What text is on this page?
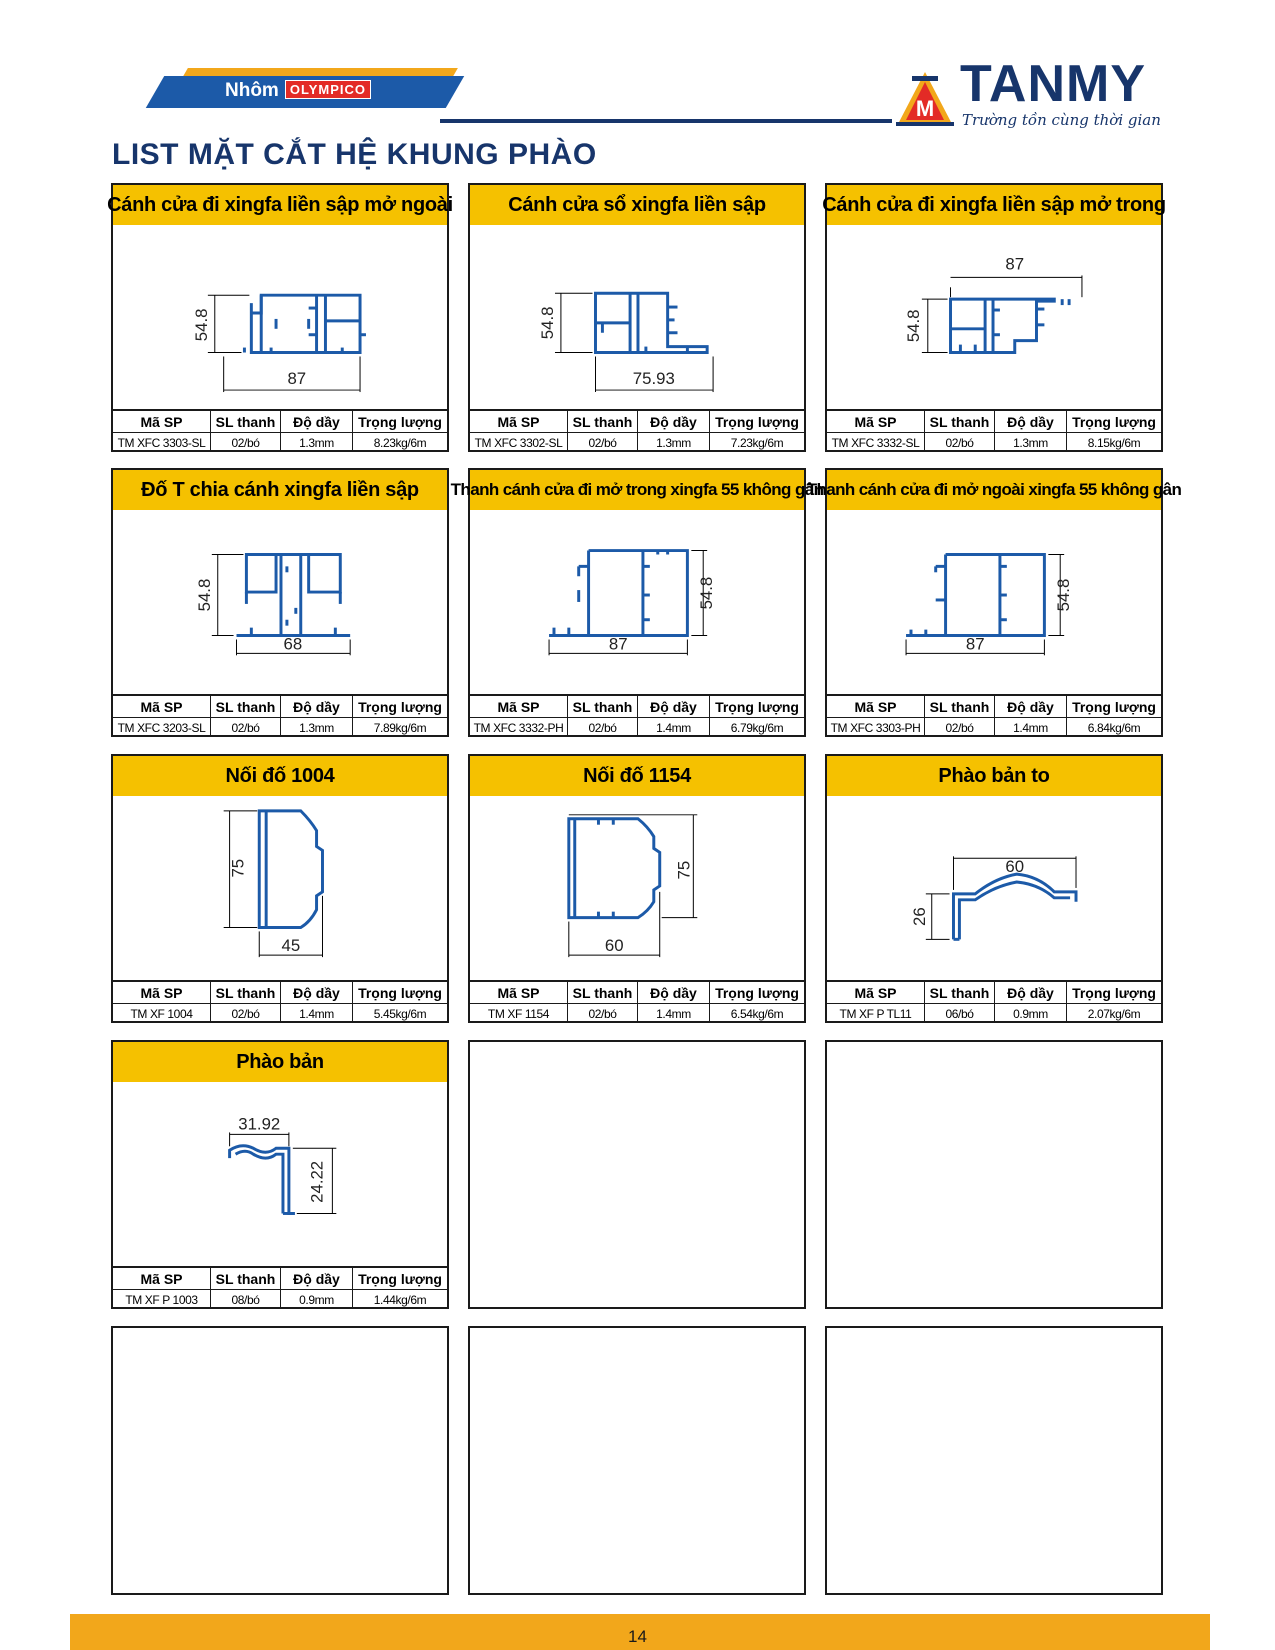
Nhôm OLYMPICO
M TANMY
Trường tồn cùng thời gian
LIST MẶT CẮT HỆ KHUNG PHÀO
Cánh cửa đi xingfa liền sập mở ngoài
54.8
87
Mã SP	SL thanh	Độ dầy	Trọng lượng
TM XFC 3303-SL	02/bó	1.3mm	8.23kg/6m
Cánh cửa sổ xingfa liền sập
54.8
75.93
Mã SP	SL thanh	Độ dầy	Trọng lượng
TM XFC 3302-SL	02/bó	1.3mm	7.23kg/6m
Cánh cửa đi xingfa liền sập mở trong
87
54.8
Mã SP	SL thanh	Độ dầy	Trọng lượng
TM XFC 3332-SL	02/bó	1.3mm	8.15kg/6m
Đố T chia cánh xingfa liền sập
54.8
68
Mã SP	SL thanh	Độ dầy	Trọng lượng
TM XFC 3203-SL	02/bó	1.3mm	7.89kg/6m
Thanh cánh cửa đi mở trong xingfa 55 không gân
54.8
87
Mã SP	SL thanh	Độ dầy	Trọng lượng
TM XFC 3332-PH	02/bó	1.4mm	6.79kg/6m
Thanh cánh cửa đi mở ngoài xingfa 55 không gân
54.8
87
Mã SP	SL thanh	Độ dầy	Trọng lượng
TM XFC 3303-PH	02/bó	1.4mm	6.84kg/6m
Nối đố 1004
75
45
Mã SP	SL thanh	Độ dầy	Trọng lượng
TM XF 1004	02/bó	1.4mm	5.45kg/6m
Nối đố 1154
75
60
Mã SP	SL thanh	Độ dầy	Trọng lượng
TM XF 1154	02/bó	1.4mm	6.54kg/6m
Phào bản to
60
26
Mã SP	SL thanh	Độ dầy	Trọng lượng
TM XF P TL11	06/bó	0.9mm	2.07kg/6m
Phào bản
31.92
24.22
Mã SP	SL thanh	Độ dầy	Trọng lượng
TM XF P 1003	08/bó	0.9mm	1.44kg/6m
14
